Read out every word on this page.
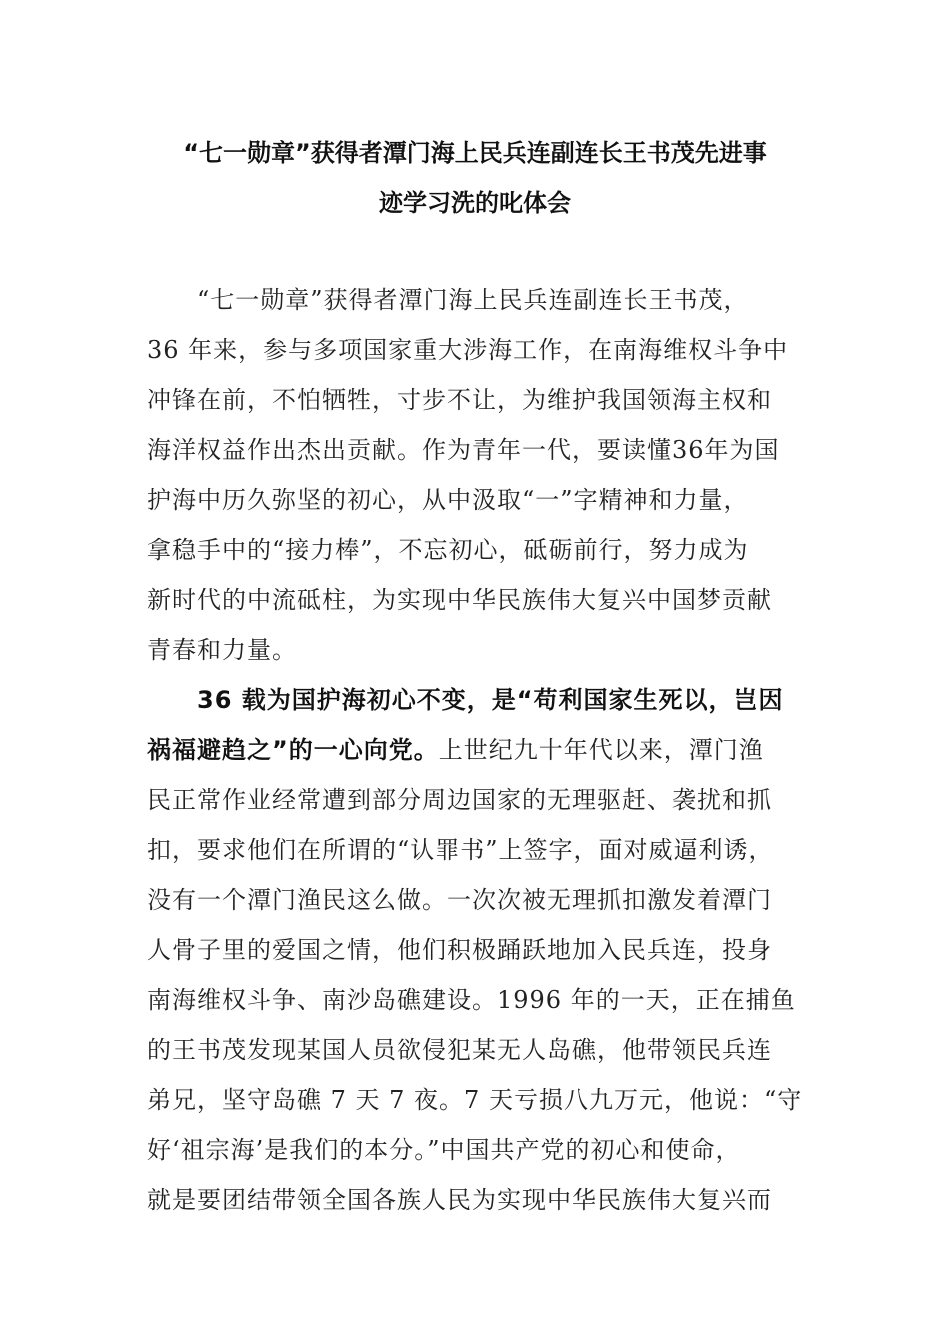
“七一勋章”获得者潭门海上民兵连副连长王书茂先进事
迹学习洗的叱体会
“七一勋章”获得者潭门海上民兵连副连长王书茂，
36 年来，参与多项国家重大涉海工作，在南海维权斗争中
冲锋在前，不怕牺牲，寸步不让，为维护我国领海主权和
海洋权益作出杰出贡献。作为青年一代，要读懂36年为国
护海中历久弥坚的初心，从中汲取“一”字精神和力量，
拿稳手中的“接力棒”，不忘初心，砥砺前行，努力成为
新时代的中流砥柱，为实现中华民族伟大复兴中国梦贡献
青春和力量。
36 载为国护海初心不变，是“苟利国家生死以，岂因
祸福避趋之”的一心向党。上世纪九十年代以来，潭门渔
民正常作业经常遭到部分周边国家的无理驱赶、袭扰和抓
扣，要求他们在所谓的“认罪书”上签字，面对威逼利诱，
没有一个潭门渔民这么做。一次次被无理抓扣激发着潭门
人骨子里的爱国之情，他们积极踊跃地加入民兵连，投身
南海维权斗争、南沙岛礁建设。1996 年的一天，正在捕鱼
的王书茂发现某国人员欲侵犯某无人岛礁，他带领民兵连
弟兄，坚守岛礁 7 天 7 夜。7 天亏损八九万元，他说：“守
好‘祖宗海’是我们的本分。”中国共产党的初心和使命，
就是要团结带领全国各族人民为实现中华民族伟大复兴而
